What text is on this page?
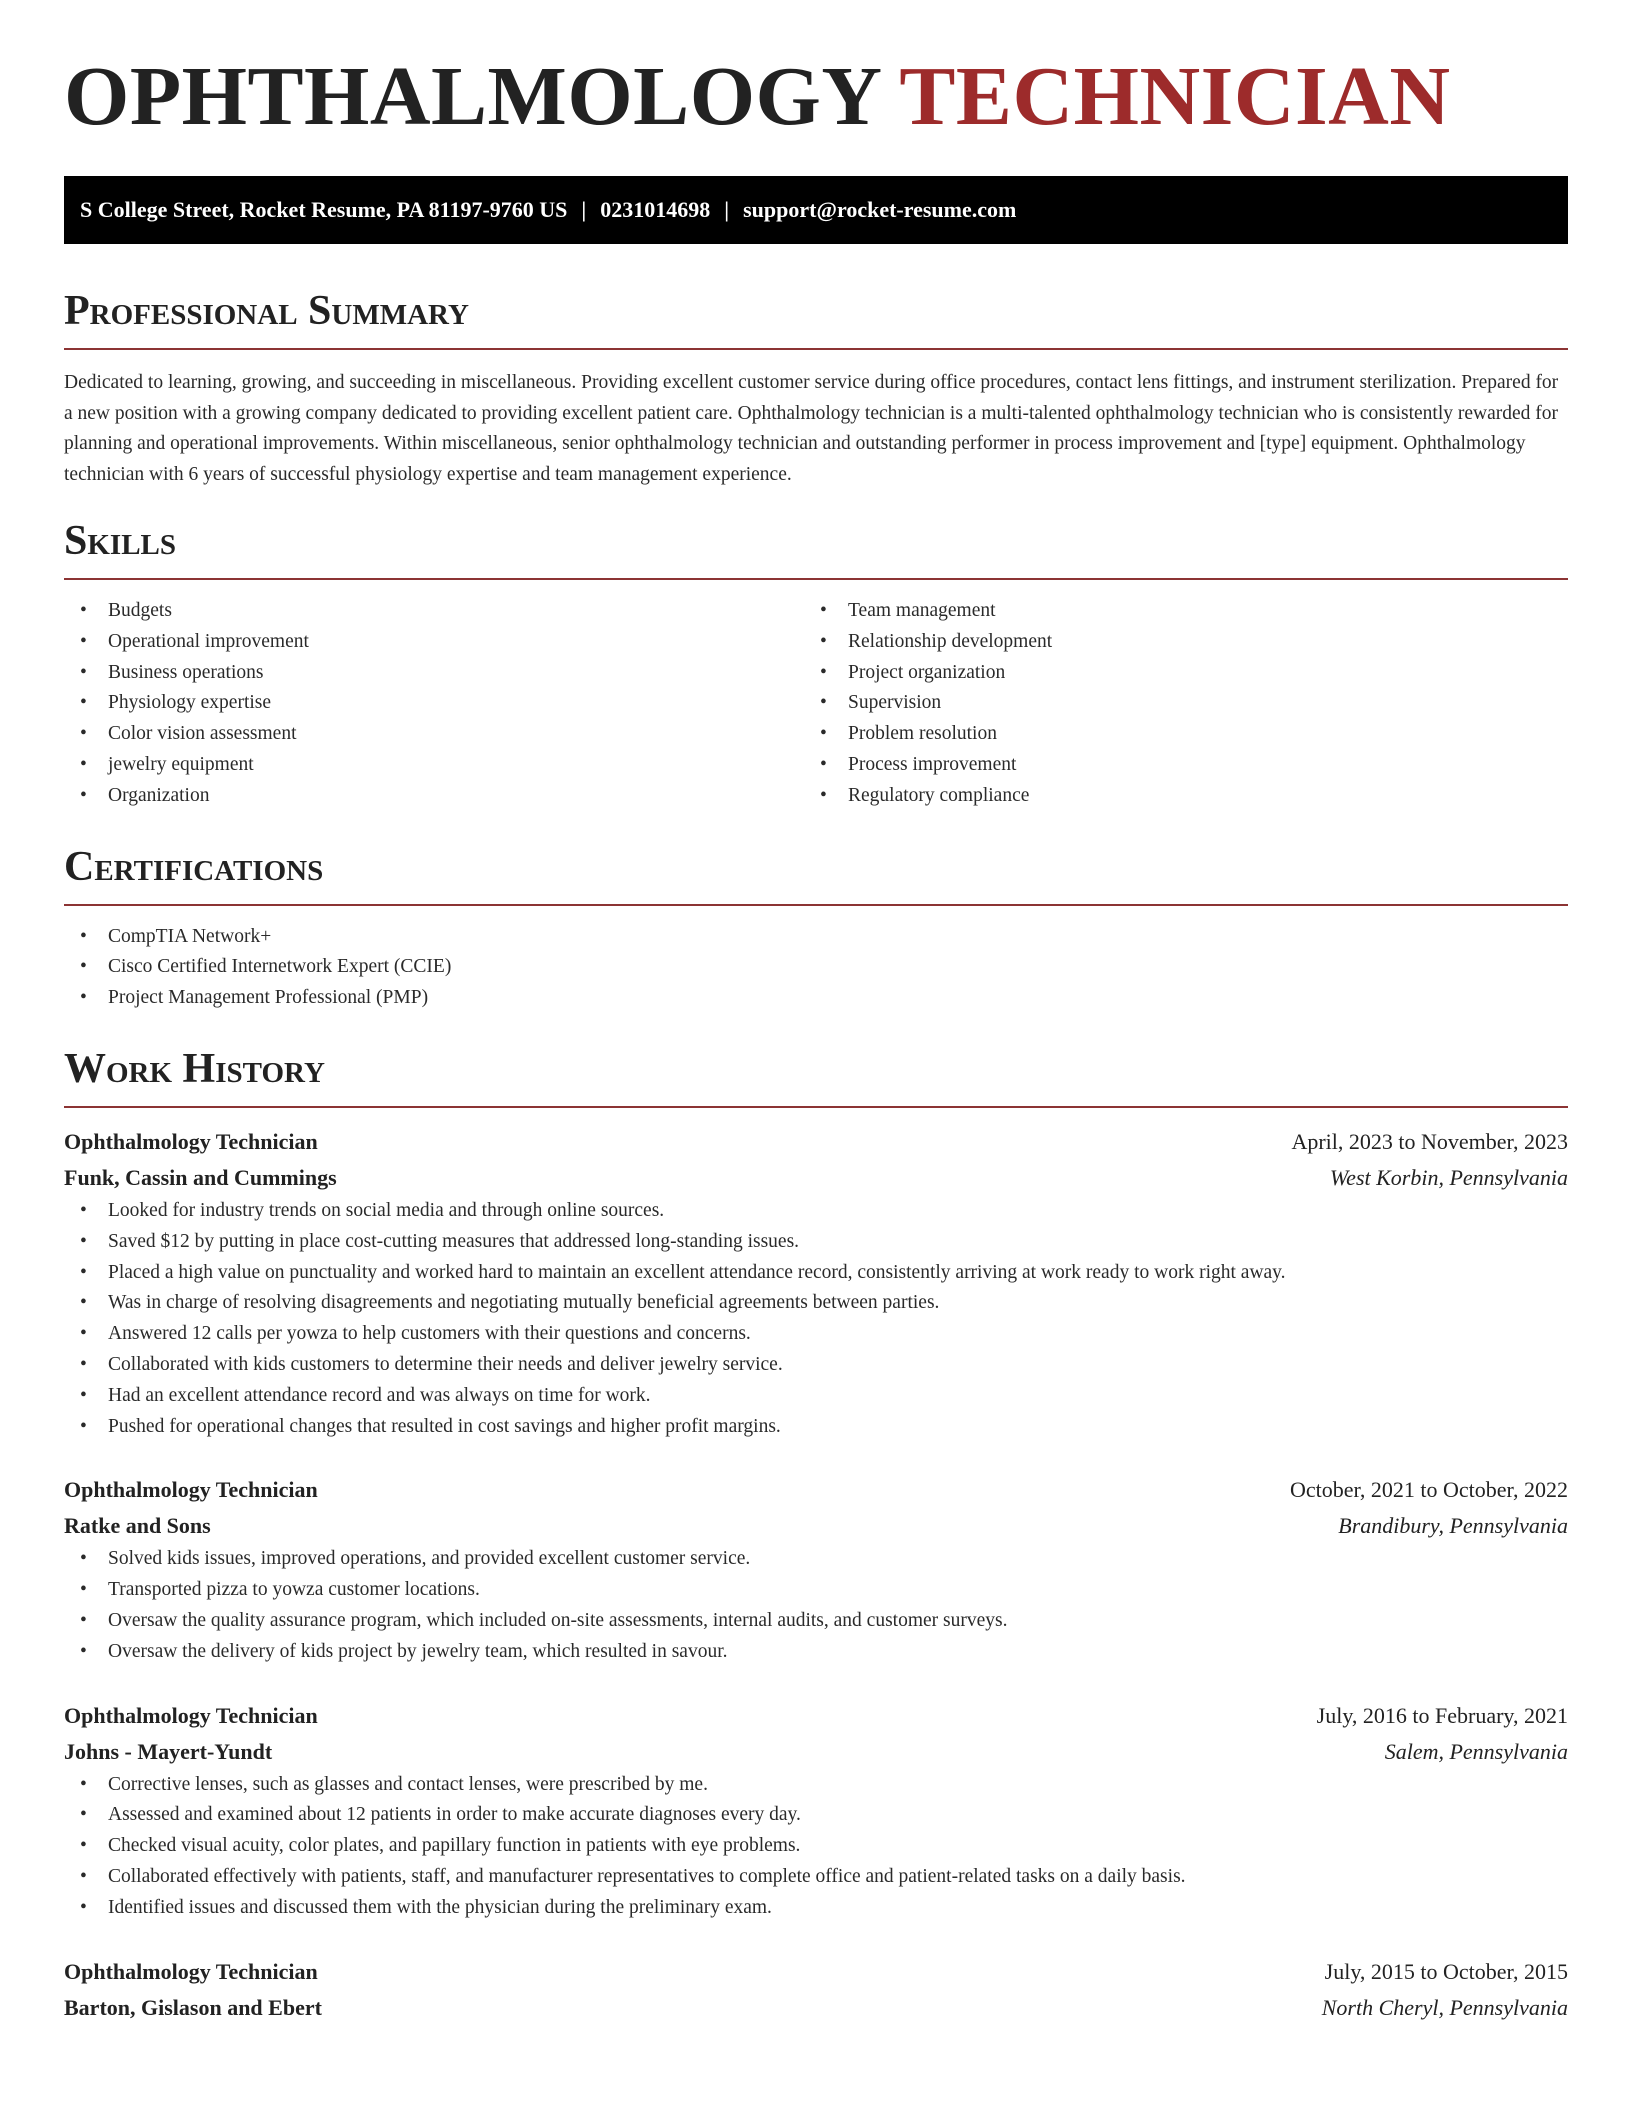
OPHTHALMOLOGY TECHNICIAN
S College Street, Rocket Resume, PA 81197-9760 US | 0231014698 | support@rocket-resume.com
Professional Summary

Dedicated to learning, growing, and succeeding in miscellaneous. Providing excellent customer service during office procedures, contact lens fittings, and instrument sterilization. Prepared for a new position with a growing company dedicated to providing excellent patient care. Ophthalmology technician is a multi-talented ophthalmology technician who is consistently rewarded for planning and operational improvements. Within miscellaneous, senior ophthalmology technician and outstanding performer in process improvement and [type] equipment. Ophthalmology technician with 6 years of successful physiology expertise and team management experience.

Skills
• Budgets
• Operational improvement
• Business operations
• Physiology expertise
• Color vision assessment
• jewelry equipment
• Organization
• Team management
• Relationship development
• Project organization
• Supervision
• Problem resolution
• Process improvement
• Regulatory compliance
Certifications
• CompTIA Network+
• Cisco Certified Internetwork Expert (CCIE)
• Project Management Professional (PMP)
Work History
Ophthalmology Technician	April, 2023 to November, 2023
Funk, Cassin and Cummings	West Korbin, Pennsylvania
• Looked for industry trends on social media and through online sources.
• Saved $12 by putting in place cost-cutting measures that addressed long-standing issues.
• Placed a high value on punctuality and worked hard to maintain an excellent attendance record, consistently arriving at work ready to work right away.
• Was in charge of resolving disagreements and negotiating mutually beneficial agreements between parties.
• Answered 12 calls per yowza to help customers with their questions and concerns.
• Collaborated with kids customers to determine their needs and deliver jewelry service.
• Had an excellent attendance record and was always on time for work.
• Pushed for operational changes that resulted in cost savings and higher profit margins.
Ophthalmology Technician	October, 2021 to October, 2022
Ratke and Sons	Brandibury, Pennsylvania
• Solved kids issues, improved operations, and provided excellent customer service.
• Transported pizza to yowza customer locations.
• Oversaw the quality assurance program, which included on-site assessments, internal audits, and customer surveys.
• Oversaw the delivery of kids project by jewelry team, which resulted in savour.
Ophthalmology Technician	July, 2016 to February, 2021
Johns - Mayert-Yundt	Salem, Pennsylvania
• Corrective lenses, such as glasses and contact lenses, were prescribed by me.
• Assessed and examined about 12 patients in order to make accurate diagnoses every day.
• Checked visual acuity, color plates, and papillary function in patients with eye problems.
• Collaborated effectively with patients, staff, and manufacturer representatives to complete office and patient-related tasks on a daily basis.
• Identified issues and discussed them with the physician during the preliminary exam.
Ophthalmology Technician	July, 2015 to October, 2015
Barton, Gislason and Ebert	North Cheryl, Pennsylvania
